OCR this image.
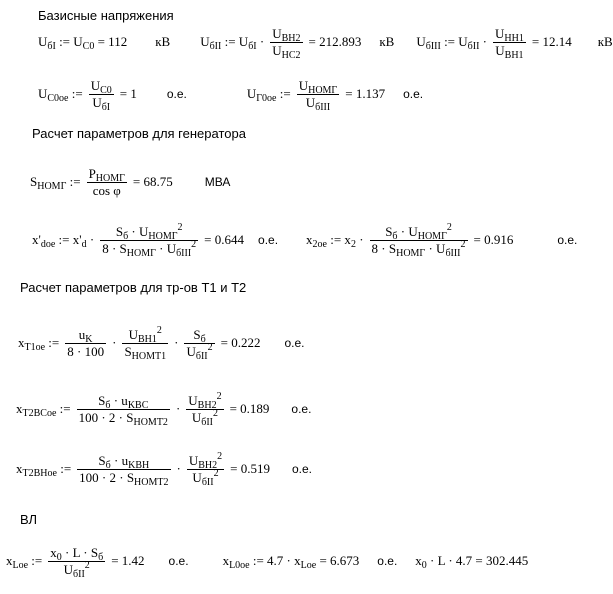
Базисные напряжения
$U_{бI}$ := $U_{C0} = 112$ кВ $U_{бII}$ := $U_{бI} \cdot \frac{U_{ВН2}}{U_{НС2}} = 212.893$ кВ $U_{бIII}$ := $U_{бII} \cdot \frac{U_{НН1}}{U_{ВН1}} = 12.14$ кВ
$U_{C0oe}$ := $\frac{U_{C0}}{U_{бI}} = 1$	о.е.	$U_{Г0oe}$ := $\frac{U_{НОМГ}}{U_{бIII}} = 1.137$ о.е.
Расчет параметров для генератора
$S_{НОМГ}$ := $\frac{P_{НОМГ}}{\text{cos φ}} = 68.75$	МВА
$x'_{doe}$ := $x'_d \cdot \frac{S_б \cdot U_{НОМГ}^2}{8 \cdot S_{НОМГ} \cdot U_{бIII}^2} = 0.644$ о.е. $x_{2oe}$ := $x_2 \cdot \frac{S_б \cdot U_{НОМГ}^2}{8 \cdot S_{НОМГ} \cdot U_{бIII}^2} = 0.916$	о.е.
Расчет параметров для тр-ов Т1 и Т2
$x_{T1oe}$ := $\frac{u_K}{8 \cdot 100} \cdot \frac{U_{ВН1}^2}{S_{НОМТ1}} \cdot \frac{S_б}{U_{бII}^2} = 0.222$ о.е.
$x_{T2BCoe}$ := $\frac{S_б \cdot u_{KBC}}{100 \cdot 2 \cdot S_{НОМТ2}} \cdot \frac{U_{ВН2}^2}{U_{бII}^2} = 0.189$ о.е.
$x_{T2BHoe}$ := $\frac{S_б \cdot u_{KBH}}{100 \cdot 2 \cdot S_{НОМТ2}} \cdot \frac{U_{ВН2}^2}{U_{бII}^2} = 0.519$ о.е.
ВЛ
$x_{Loe}$ := $\frac{x_0 \cdot L \cdot S_б}{U_{бII}^2} = 1.42$ о.е.	$x_{L0oe}$ := $4.7 \cdot x_{Loe} = 6.673$ о.е. $x_0 \cdot L \cdot 4.7 = 302.445$
